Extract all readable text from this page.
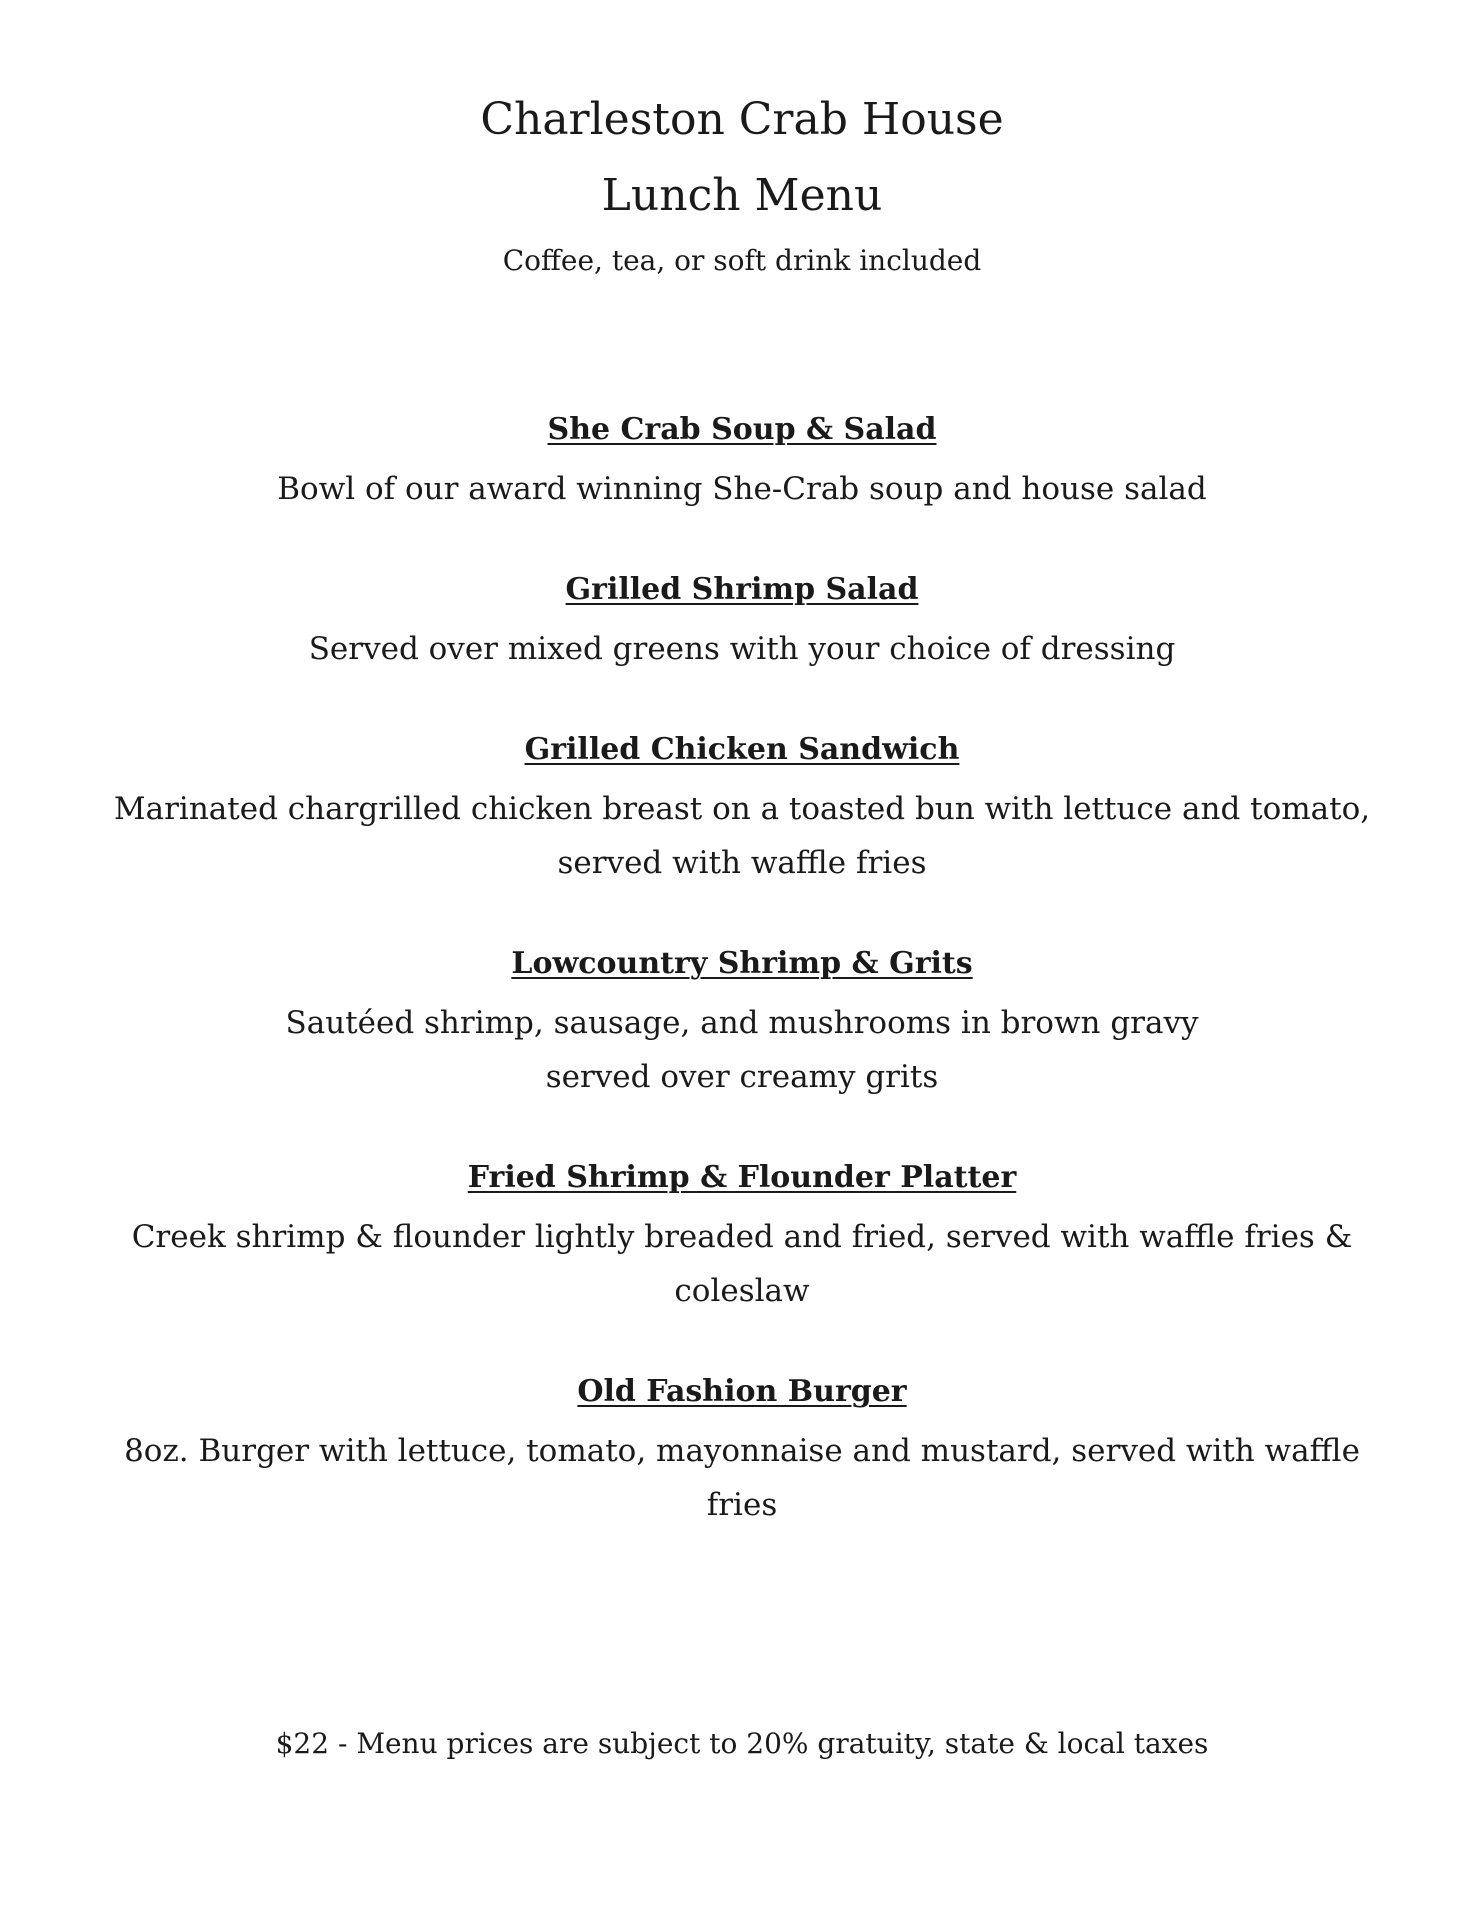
Charleston Crab House
Lunch Menu
Coffee, tea, or soft drink included
She Crab Soup & Salad
Bowl of our award winning She-Crab soup and house salad
Grilled Shrimp Salad
Served over mixed greens with your choice of dressing
Grilled Chicken Sandwich
Marinated chargrilled chicken breast on a toasted bun with lettuce and tomato, served with waffle fries
Lowcountry Shrimp & Grits
Sautéed shrimp, sausage, and mushrooms in brown gravy served over creamy grits
Fried Shrimp & Flounder Platter
Creek shrimp & flounder lightly breaded and fried, served with waffle fries & coleslaw
Old Fashion Burger
8oz. Burger with lettuce, tomato, mayonnaise and mustard, served with waffle fries
$22 - Menu prices are subject to 20% gratuity, state & local taxes
